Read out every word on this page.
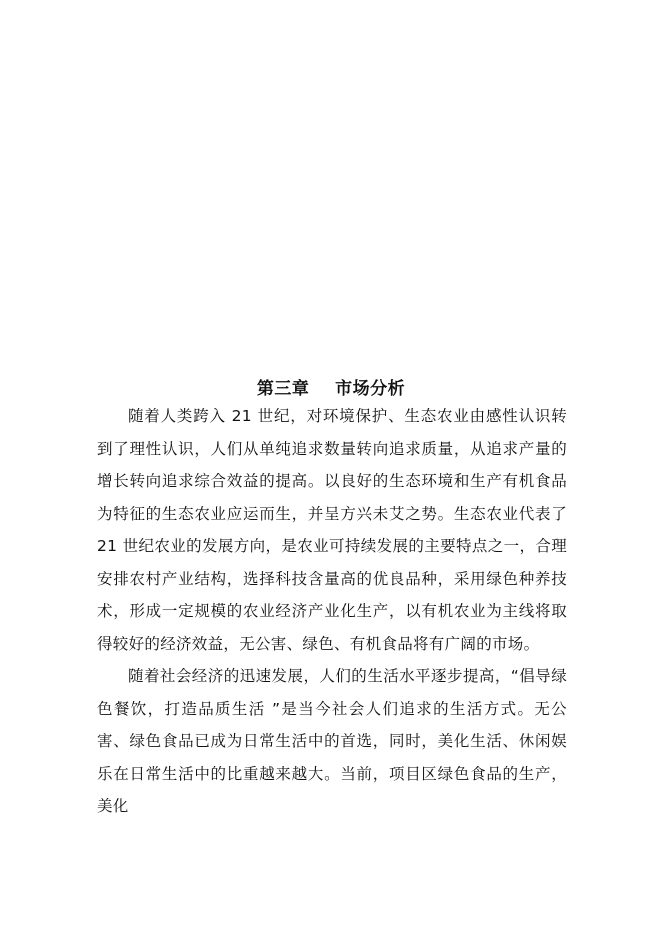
第三章    市场分析

随着人类跨入 21 世纪，对环境保护、生态农业由感性认识转到了理性认识，人们从单纯追求数量转向追求质量，从追求产量的增长转向追求综合效益的提高。以良好的生态环境和生产有机食品为特征的生态农业应运而生，并呈方兴未艾之势。生态农业代表了 21 世纪农业的发展方向，是农业可持续发展的主要特点之一，合理安排农村产业结构，选择科技含量高的优良品种，采用绿色种养技术，形成一定规模的农业经济产业化生产，以有机农业为主线将取得较好的经济效益，无公害、绿色、有机食品将有广阔的市场。

随着社会经济的迅速发展，人们的生活水平逐步提高，“倡导绿色餐饮，打造品质生活 ”是当今社会人们追求的生活方式。无公害、绿色食品已成为日常生活中的首选，同时，美化生活、休闲娱乐在日常生活中的比重越来越大。当前，项目区绿色食品的生产，美化
